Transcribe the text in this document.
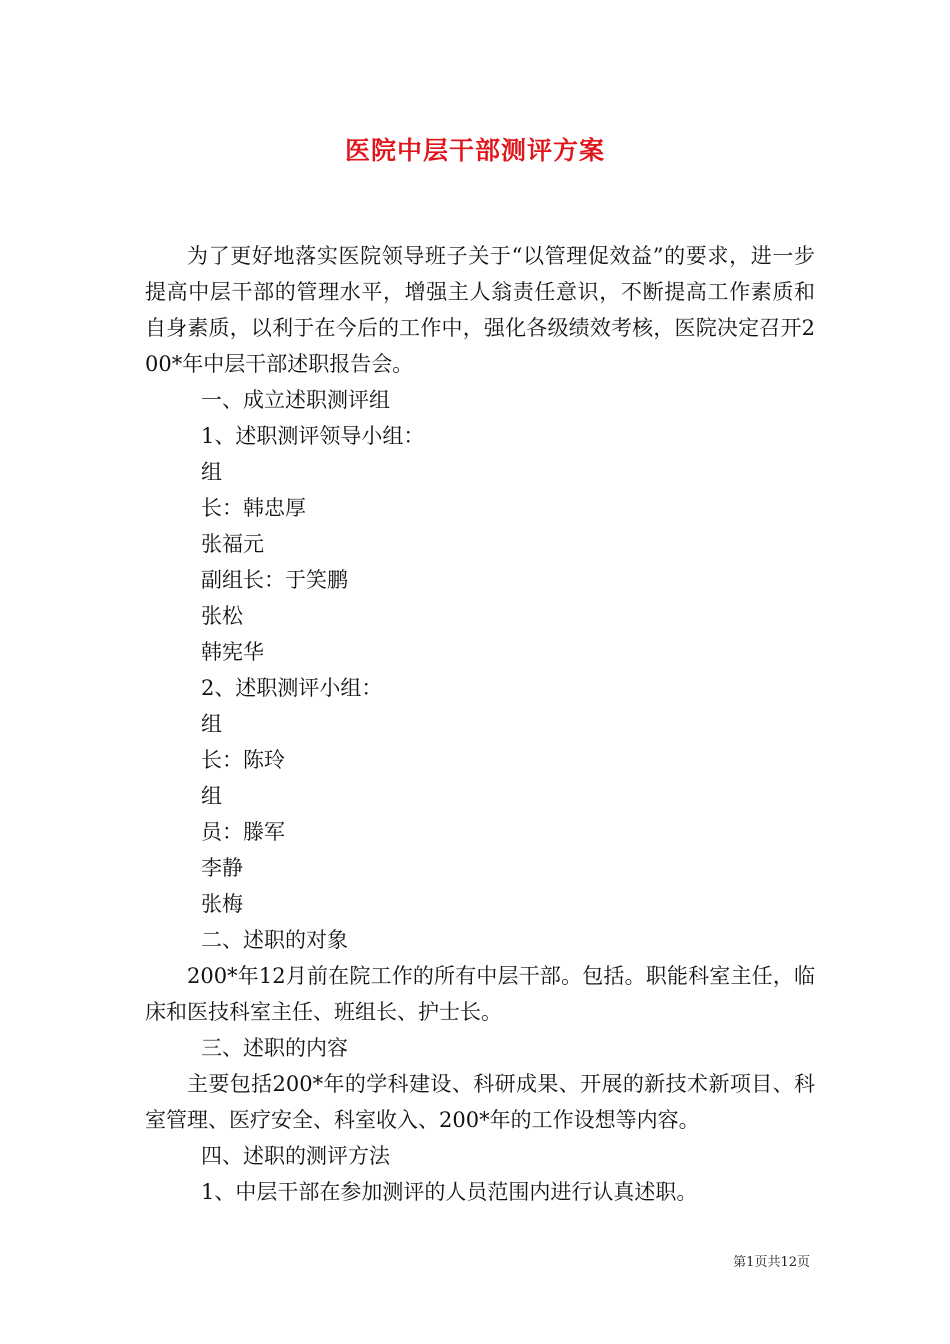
医院中层干部测评方案

为了更好地落实医院领导班子关于“以管理促效益”的要求，进一步提高中层干部的管理水平，增强主人翁责任意识，不断提高工作素质和自身素质，以利于在今后的工作中，强化各级绩效考核，医院决定召开200*年中层干部述职报告会。

一、成立述职测评组

1、述职测评领导小组：

组

长：韩忠厚

张福元

副组长：于笑鹏

张松

韩宪华

2、述职测评小组：

组

长：陈玲

组

员：滕军

李静

张梅

二、述职的对象

200*年12月前在院工作的所有中层干部。包括。职能科室主任，临床和医技科室主任、班组长、护士长。

三、述职的内容

主要包括200*年的学科建设、科研成果、开展的新技术新项目、科室管理、医疗安全、科室收入、200*年的工作设想等内容。

四、述职的测评方法

1、中层干部在参加测评的人员范围内进行认真述职。

第1页共12页
